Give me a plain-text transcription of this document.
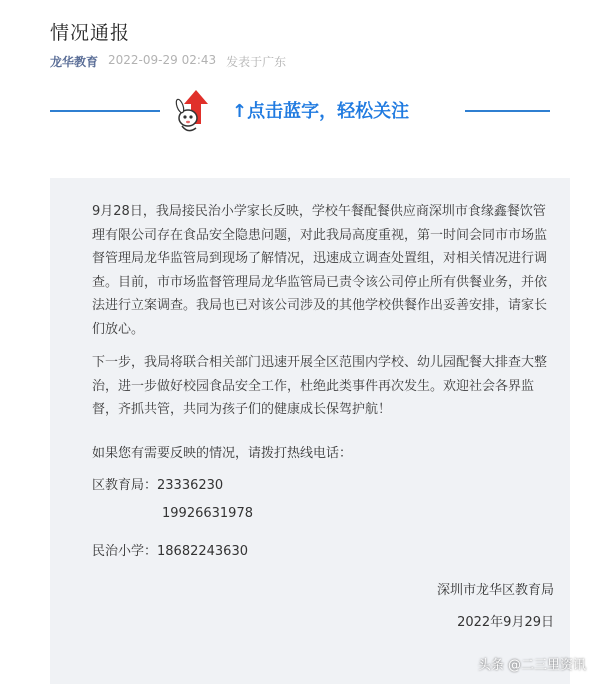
情况通报
龙华教育 2022-09-29 02:43 发表于广东
↑点击蓝字，轻松关注

9月28日，我局接民治小学家长反映，学校午餐配餐供应商深圳市食缘鑫餐饮管理有限公司存在食品安全隐患问题，对此我局高度重视，第一时间会同市市场监督管理局龙华监管局到现场了解情况，迅速成立调查处置组，对相关情况进行调查。目前，市市场监督管理局龙华监管局已责令该公司停止所有供餐业务，并依法进行立案调查。我局也已对该公司涉及的其他学校供餐作出妥善安排，请家长们放心。

下一步，我局将联合相关部门迅速开展全区范围内学校、幼儿园配餐大排查大整治，进一步做好校园食品安全工作，杜绝此类事件再次发生。欢迎社会各界监督，齐抓共管，共同为孩子们的健康成长保驾护航！

如果您有需要反映的情况，请拨打热线电话：
区教育局：23336230
19926631978
民治小学：18682243630
深圳市龙华区教育局
2022年9月29日
头条 @二三里资讯
